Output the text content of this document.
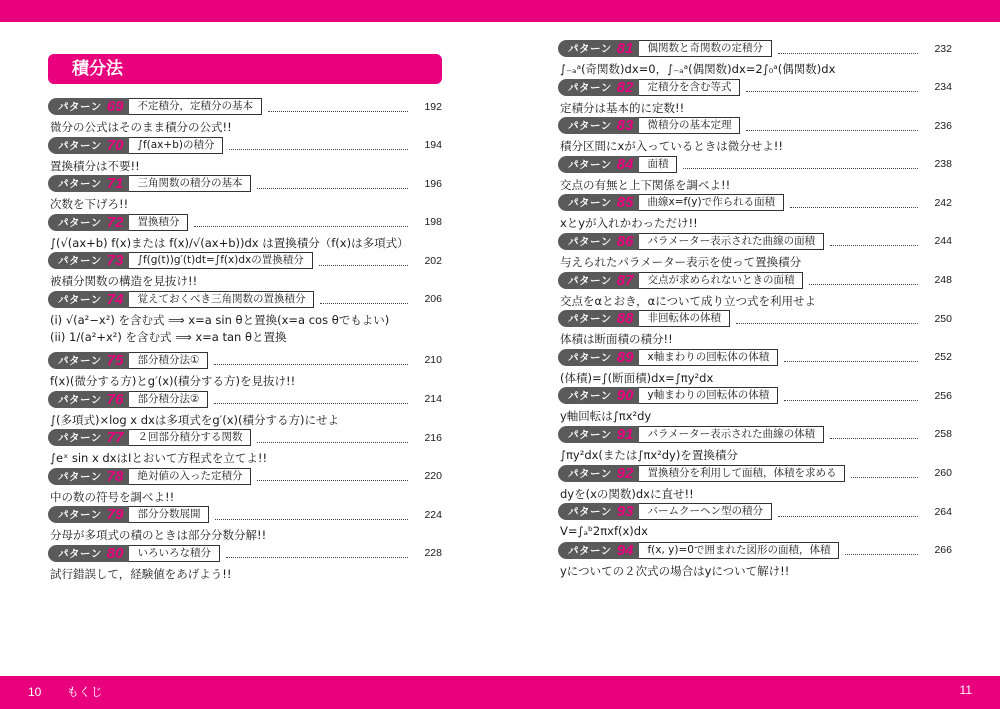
積分法
パターン 69	不定積分，定積分の基本	192
微分の公式はそのまま積分の公式!!
パターン 70	∫f(ax+b)の積分	194
置換積分は不要!!
パターン 71	三角関数の積分の基本	196
次数を下げろ!!
パターン 72	置換積分	198
∫(√(ax+b) f(x)または f(x)/√(ax+b))dx は置換積分（f(x)は多項式）
パターン 73	∫f(g(t))g′(t)dt=∫f(x)dxの置換積分	202
被積分関数の構造を見抜け!!
パターン 74	覚えておくべき三角関数の置換積分	206
(i) √(a²−x²) を含む式 ⟹ x=a sin θと置換(x=a cos θでもよい)
(ii) 1/(a²+x²) を含む式 ⟹ x=a tan θと置換
パターン 75	部分積分法①	210
f(x)(微分する方)とg′(x)(積分する方)を見抜け!!
パターン 76	部分積分法②	214
∫(多項式)×log x dxは多項式をg′(x)(積分する方)にせよ
パターン 77	２回部分積分する関数	216
∫eˣ sin x dxはIとおいて方程式を立てよ!!
パターン 78	絶対値の入った定積分	220
中の数の符号を調べよ!!
パターン 79	部分分数展開	224
分母が多項式の積のときは部分分数分解!!
パターン 80	いろいろな積分	228
試行錯誤して，経験値をあげよう!!
パターン 81	偶関数と奇関数の定積分	232
∫₋ₐᵃ(奇関数)dx=0，∫₋ₐᵃ(偶関数)dx=2∫₀ᵃ(偶関数)dx
パターン 82	定積分を含む等式	234
定積分は基本的に定数!!
パターン 83	微積分の基本定理	236
積分区間にxが入っているときは微分せよ!!
パターン 84	面積	238
交点の有無と上下関係を調べよ!!
パターン 85	曲線x=f(y)で作られる面積	242
xとyが入れかわっただけ!!
パターン 86	パラメーター表示された曲線の面積	244
与えられたパラメーター表示を使って置換積分
パターン 87	交点が求められないときの面積	248
交点をαとおき，αについて成り立つ式を利用せよ
パターン 88	非回転体の体積	250
体積は断面積の積分!!
パターン 89	x軸まわりの回転体の体積	252
(体積)=∫(断面積)dx=∫πy²dx
パターン 90	y軸まわりの回転体の体積	256
y軸回転は∫πx²dy
パターン 91	パラメーター表示された曲線の体積	258
∫πy²dx(または∫πx²dy)を置換積分
パターン 92	置換積分を利用して面積，体積を求める	260
dyを(xの関数)dxに直せ!!
パターン 93	バームクーヘン型の積分	264
V=∫ₐᵇ2πxf(x)dx
パターン 94	f(x, y)=0で囲まれた図形の面積，体積	266
yについての２次式の場合はyについて解け!!
10 もくじ	11
